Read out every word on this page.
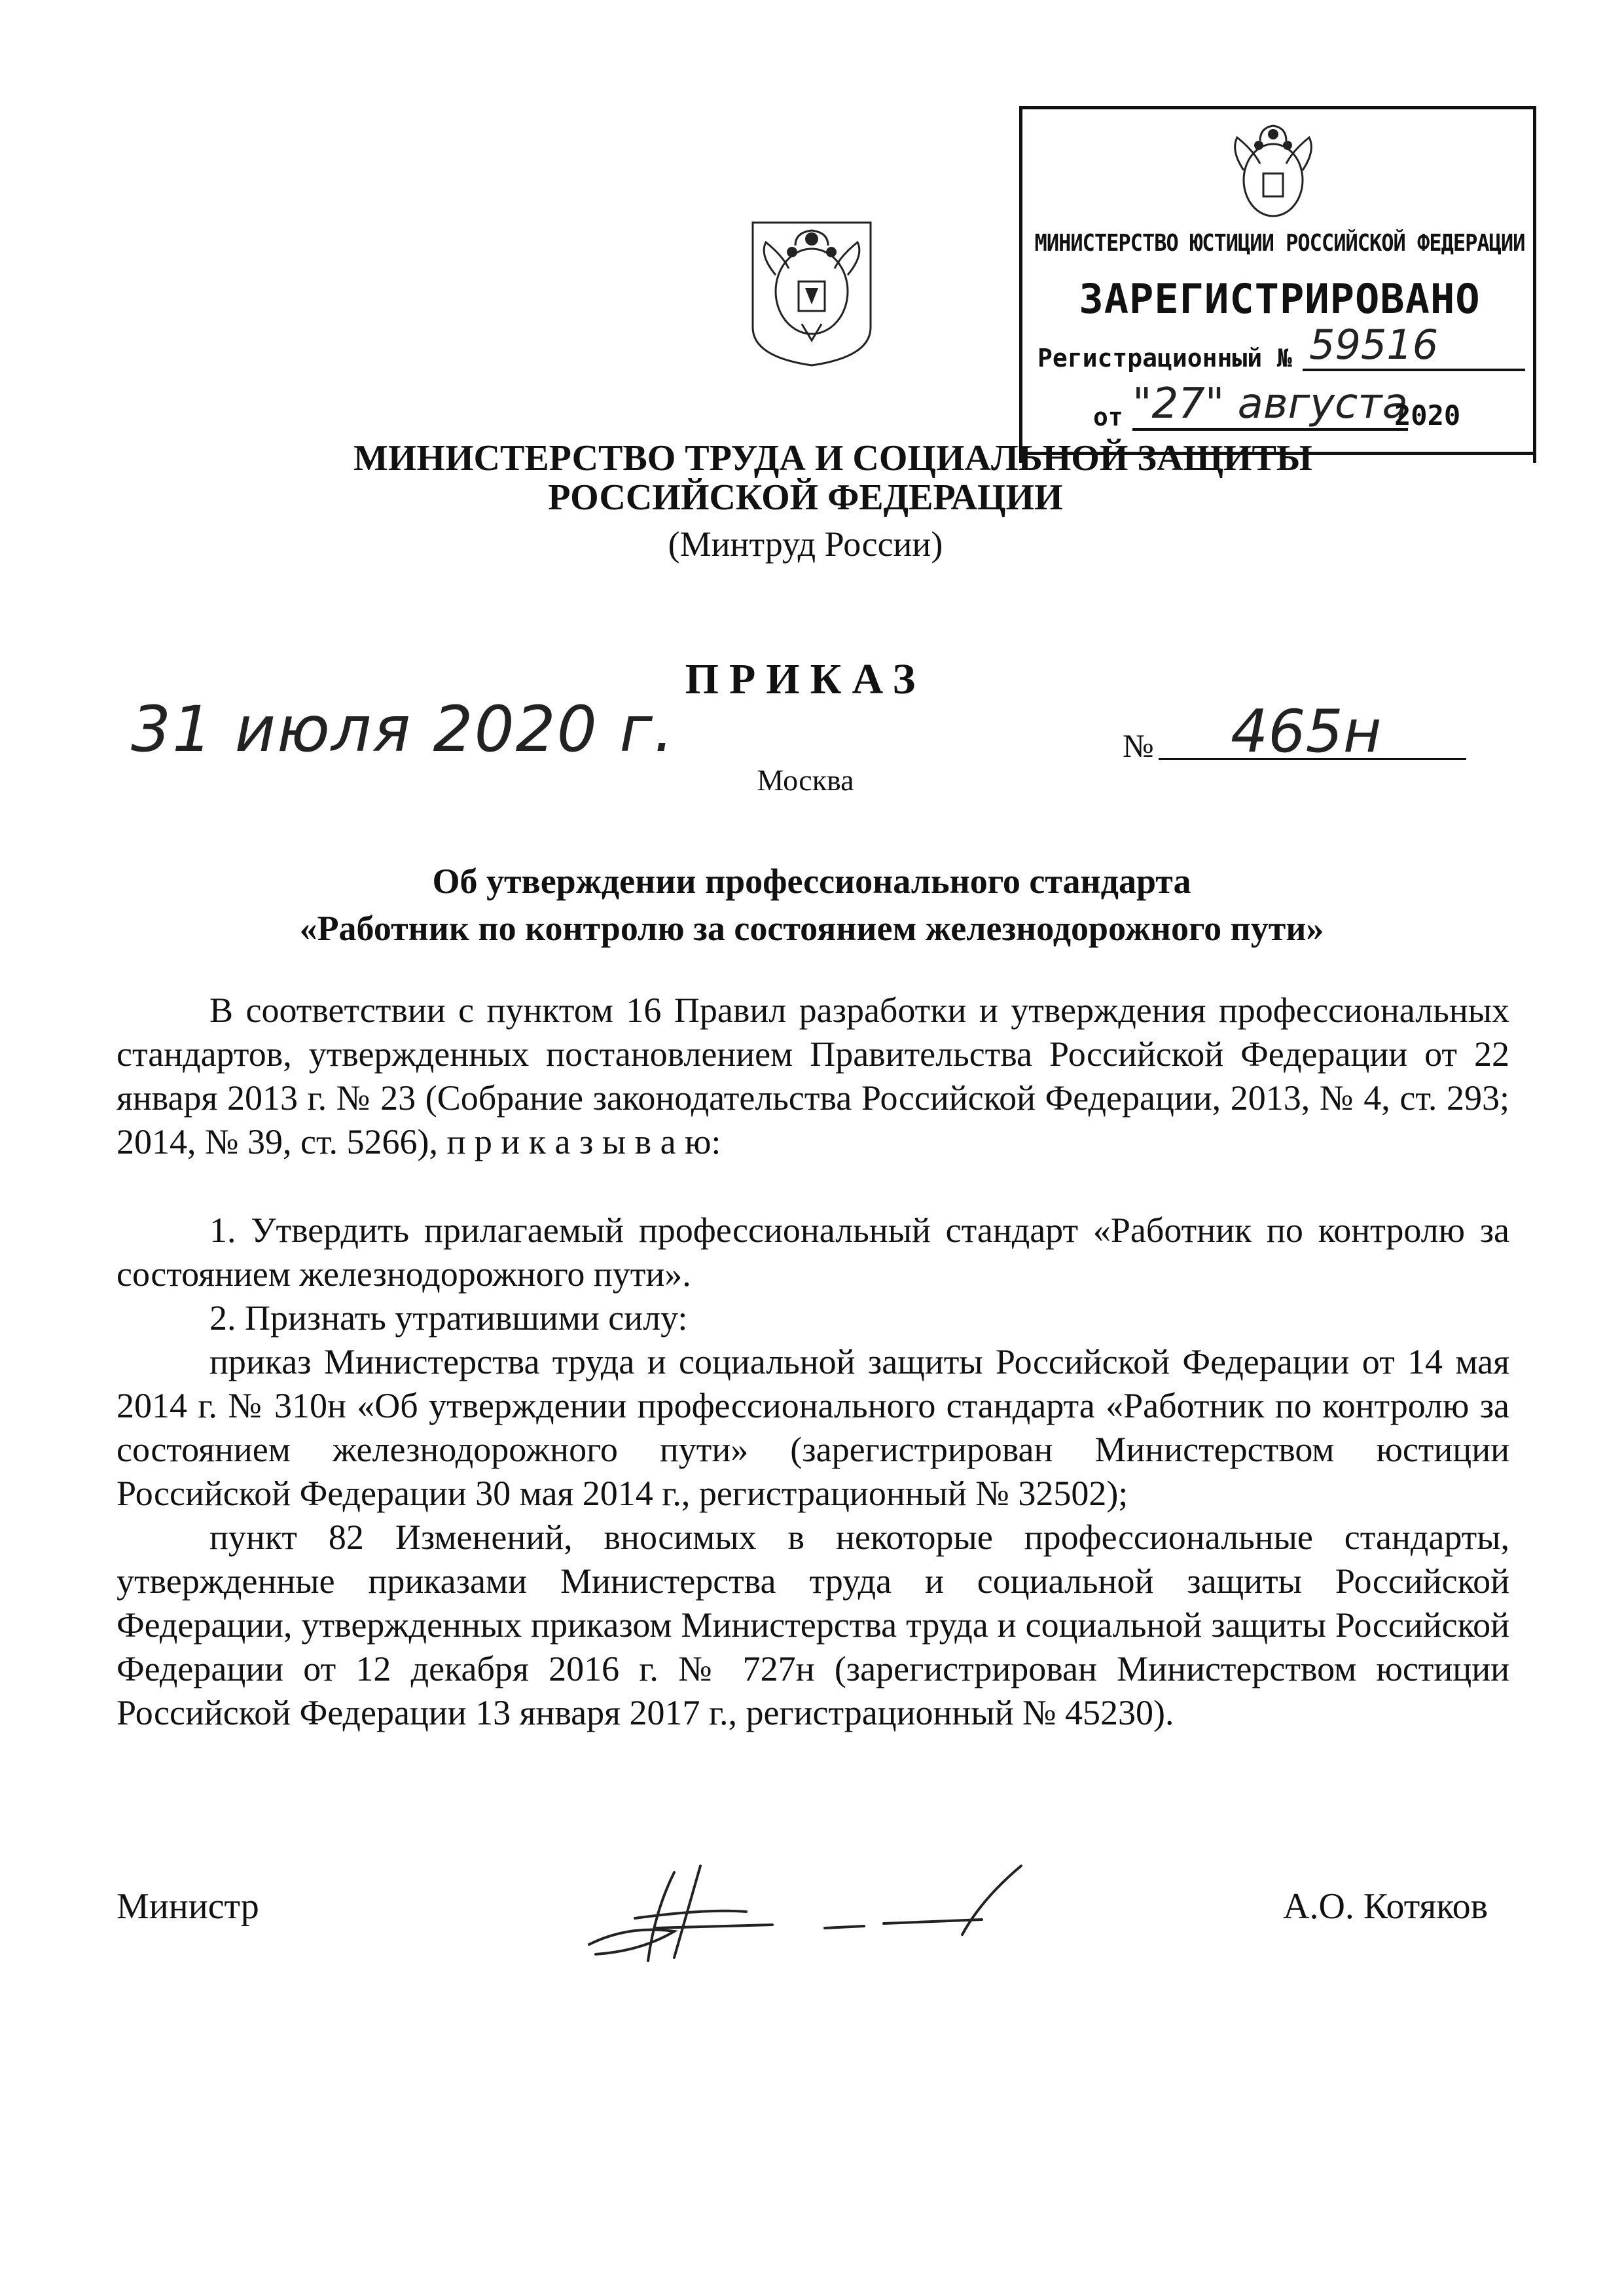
МИНИСТЕРСТВО ЮСТИЦИИ РОССИЙСКОЙ ФЕДЕРАЦИИ
ЗАРЕГИСТРИРОВАНО
Регистрационный № 59516
от "27" августа
2020
МИНИСТЕРСТВО ТРУДА И СОЦИАЛЬНОЙ ЗАЩИТЫ
РОССИЙСКОЙ ФЕДЕРАЦИИ
(Минтруд России)
ПРИКАЗ
31 июля 2020 г.	№ 465н
Москва
Об утверждении профессионального стандарта
«Работник по контролю за состоянием железнодорожного пути»
В соответствии с пунктом 16 Правил разработки и утверждения профессиональных стандартов, утвержденных постановлением Правительства Российской Федерации от 22 января 2013 г. № 23 (Собрание законодательства Российской Федерации, 2013, № 4, ст. 293; 2014, № 39, ст. 5266), п р и к а з ы в а ю:
1. Утвердить прилагаемый профессиональный стандарт «Работник по контролю за состоянием железнодорожного пути».
2. Признать утратившими силу:
приказ Министерства труда и социальной защиты Российской Федерации от 14 мая 2014 г. № 310н «Об утверждении профессионального стандарта «Работник по контролю за состоянием железнодорожного пути» (зарегистрирован Министерством юстиции Российской Федерации 30 мая 2014 г., регистрационный № 32502);
пункт 82 Изменений, вносимых в некоторые профессиональные стандарты, утвержденные приказами Министерства труда и социальной защиты Российской Федерации, утвержденных приказом Министерства труда и социальной защиты Российской Федерации от 12 декабря 2016 г. № 727н (зарегистрирован Министерством юстиции Российской Федерации 13 января 2017 г., регистрационный № 45230).
Министр	А.О. Котяков
